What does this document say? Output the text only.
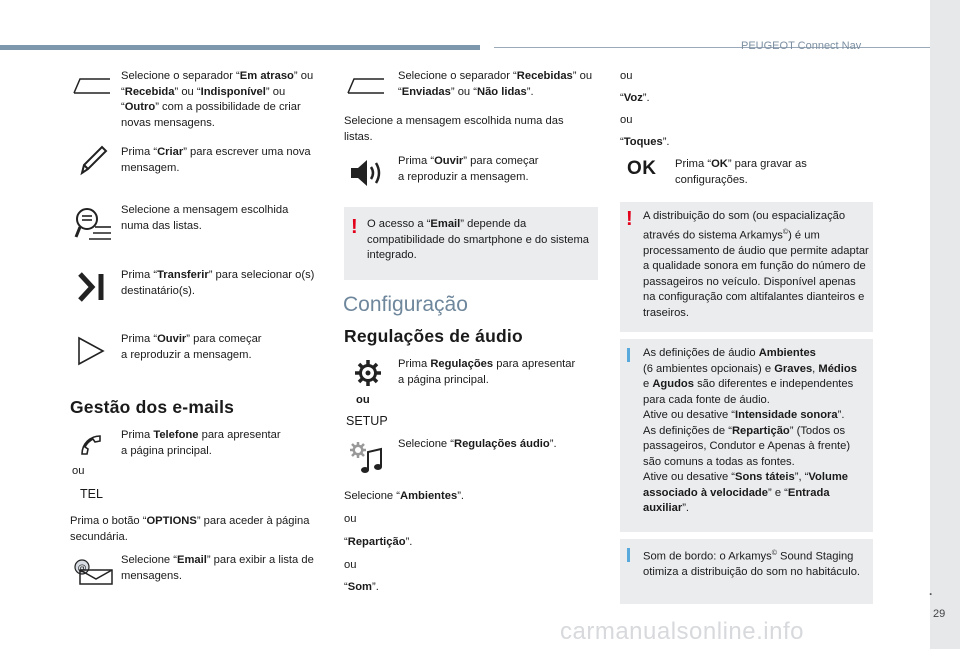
PEUGEOT Connect Nav
.
29
Selecione o separador “Em atraso” ou “Recebida” ou “Indisponível” ou “Outro” com a possibilidade de criar novas mensagens.
Prima “Criar” para escrever uma nova mensagem.
Selecione a mensagem escolhida numa das listas.
Prima “Transferir” para selecionar o(s) destinatário(s).
Prima “Ouvir” para começar
a reproduzir a mensagem.
Gestão dos e-mails
ou
TEL
Prima Telefone para apresentar
a página principal.
Prima o botão “OPTIONS” para aceder à página secundária.
@
Selecione “Email” para exibir a lista de mensagens.
Selecione o separador “Recebidas” ou “Enviadas” ou “Não lidas”.
Selecione a mensagem escolhida numa das listas.
Prima “Ouvir” para começar
a reproduzir a mensagem.
! O acesso a “Email” depende da compatibilidade do smartphone e do sistema integrado.
Configuração
Regulações de áudio
ou
SETUP
Prima Regulações para apresentar
a página principal.
Selecione “Regulações áudio”.
Selecione “Ambientes”.
ou
“Repartição”.
ou
“Som”.
ou
“Voz”.
ou
“Toques”.
OK Prima “OK” para gravar as configurações.
! A distribuição do som (ou espacialização através do sistema Arkamys©) é um processamento de áudio que permite adaptar a qualidade sonora em função do número de passageiros no veículo. Disponível apenas na configuração com altifalantes dianteiros e traseiros.
As definições de áudio Ambientes
(6 ambientes opcionais) e Graves, Médios
e Agudos são diferentes e independentes para cada fonte de áudio.
Ative ou desative “Intensidade sonora”.
As definições de “Repartição” (Todos os passageiros, Condutor e Apenas à frente) são comuns a todas as fontes.
Ative ou desative “Sons táteis”, “Volume associado à velocidade” e “Entrada auxiliar”.
Som de bordo: o Arkamys© Sound Staging otimiza a distribuição do som no habitáculo.
carmanualsonline.info
